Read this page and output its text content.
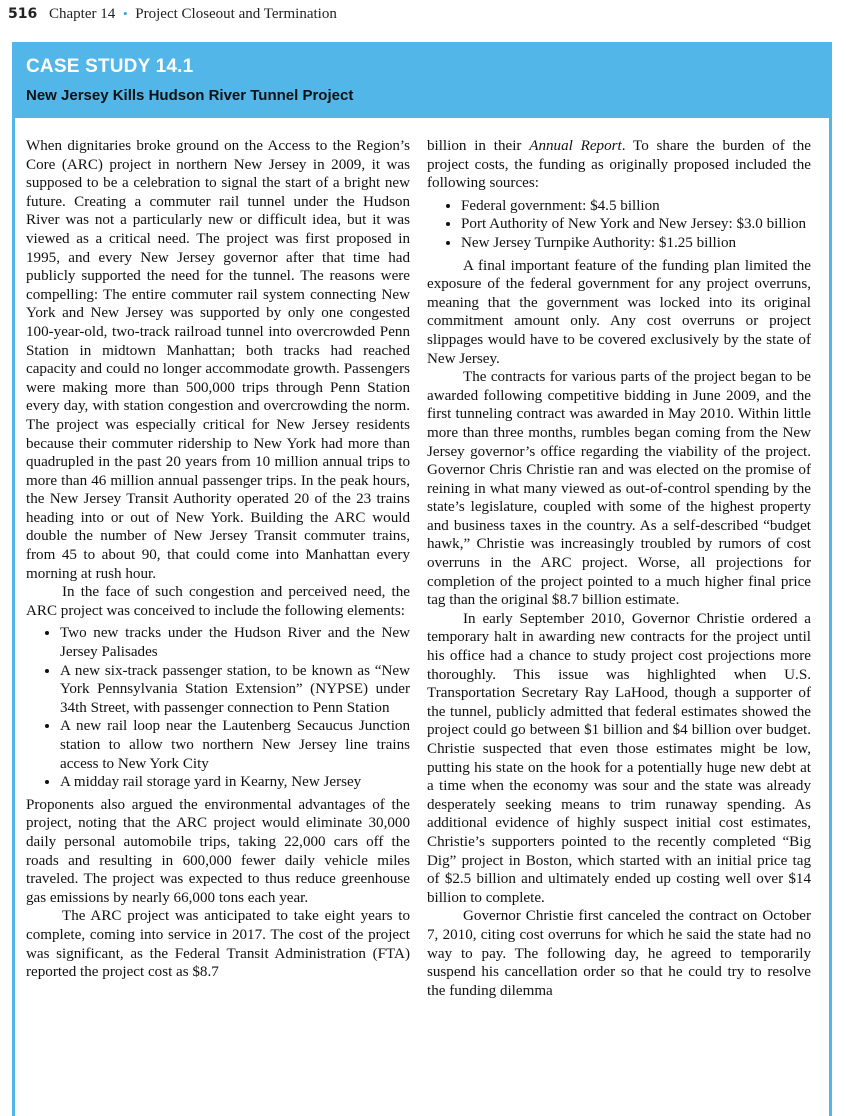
516 Chapter 14 • Project Closeout and Termination
CASE STUDY 14.1
New Jersey Kills Hudson River Tunnel Project

When dignitaries broke ground on the Access to the Region’s Core (ARC) project in northern New Jersey in 2009, it was supposed to be a celebration to signal the start of a bright new future. Creating a commuter rail tunnel under the Hudson River was not a particularly new or difficult idea, but it was viewed as a critical need. The project was first proposed in 1995, and every New Jersey governor after that time had publicly supported the need for the tunnel. The reasons were compelling: The entire commuter rail system connecting New York and New Jersey was supported by only one congested 100-year-old, two-track railroad tunnel into overcrowded Penn Station in midtown Manhattan; both tracks had reached capacity and could no longer accommodate growth. Passengers were making more than 500,000 trips through Penn Station every day, with station congestion and overcrowding the norm. The project was especially critical for New Jersey residents because their commuter ridership to New York had more than quadrupled in the past 20 years from 10 million annual trips to more than 46 million annual passenger trips. In the peak hours, the New Jersey Transit Authority operated 20 of the 23 trains heading into or out of New York. Building the ARC would double the number of New Jersey Transit commuter trains, from 45 to about 90, that could come into Manhattan every morning at rush hour.

In the face of such congestion and perceived need, the ARC project was conceived to include the following elements:

• Two new tracks under the Hudson River and the New Jersey Palisades
• A new six-track passenger station, to be known as “New York Pennsylvania Station Extension” (NYPSE) under 34th Street, with passenger connection to Penn Station
• A new rail loop near the Lautenberg Secaucus Junction station to allow two northern New Jersey line trains access to New York City
• A midday rail storage yard in Kearny, New Jersey

Proponents also argued the environmental advantages of the project, noting that the ARC project would eliminate 30,000 daily personal automobile trips, taking 22,000 cars off the roads and resulting in 600,000 fewer daily vehicle miles traveled. The project was expected to thus reduce greenhouse gas emissions by nearly 66,000 tons each year.

The ARC project was anticipated to take eight years to complete, coming into service in 2017. The cost of the project was significant, as the Federal Transit Administration (FTA) reported the project cost as $8.7

billion in their Annual Report. To share the burden of the project costs, the funding as originally proposed included the following sources:

• Federal government: $4.5 billion
• Port Authority of New York and New Jersey: $3.0 billion
• New Jersey Turnpike Authority: $1.25 billion

A final important feature of the funding plan limited the exposure of the federal government for any project overruns, meaning that the government was locked into its original commitment amount only. Any cost overruns or project slippages would have to be covered exclusively by the state of New Jersey.

The contracts for various parts of the project began to be awarded following competitive bidding in June 2009, and the first tunneling contract was awarded in May 2010. Within little more than three months, rumbles began coming from the New Jersey governor’s office regarding the viability of the project. Governor Chris Christie ran and was elected on the promise of reining in what many viewed as out-of-control spending by the state’s legislature, coupled with some of the highest property and business taxes in the country. As a self-described “budget hawk,” Christie was increasingly troubled by rumors of cost overruns in the ARC project. Worse, all projections for completion of the project pointed to a much higher final price tag than the original $8.7 billion estimate.

In early September 2010, Governor Christie ordered a temporary halt in awarding new contracts for the project until his office had a chance to study project cost projections more thoroughly. This issue was highlighted when U.S. Transportation Secretary Ray LaHood, though a supporter of the tunnel, publicly admitted that federal estimates showed the project could go between $1 billion and $4 billion over budget. Christie suspected that even those estimates might be low, putting his state on the hook for a potentially huge new debt at a time when the economy was sour and the state was already desperately seeking means to trim runaway spending. As additional evidence of highly suspect initial cost estimates, Christie’s supporters pointed to the recently completed “Big Dig” project in Boston, which started with an initial price tag of $2.5 billion and ultimately ended up costing well over $14 billion to complete.

Governor Christie first canceled the contract on October 7, 2010, citing cost overruns for which he said the state had no way to pay. The following day, he agreed to temporarily suspend his cancellation order so that he could try to resolve the funding dilemma
